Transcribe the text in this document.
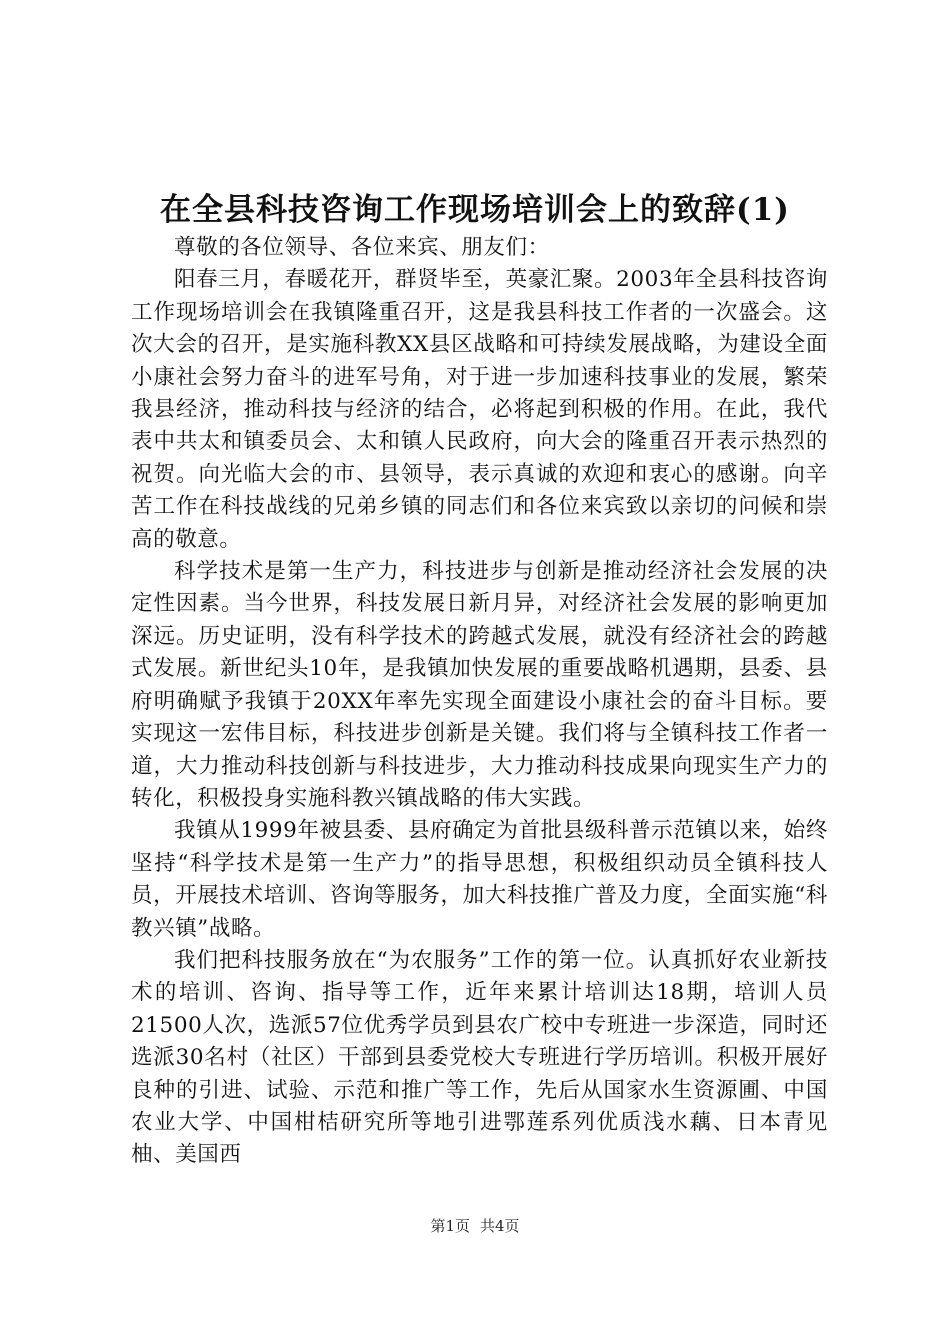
在全县科技咨询工作现场培训会上的致辞(1)

尊敬的各位领导、各位来宾、朋友们：

阳春三月，春暖花开，群贤毕至，英豪汇聚。2003年全县科技咨询工作现场培训会在我镇隆重召开，这是我县科技工作者的一次盛会。这次大会的召开，是实施科教XX县区战略和可持续发展战略，为建设全面小康社会努力奋斗的进军号角，对于进一步加速科技事业的发展，繁荣我县经济，推动科技与经济的结合，必将起到积极的作用。在此，我代表中共太和镇委员会、太和镇人民政府，向大会的隆重召开表示热烈的祝贺。向光临大会的市、县领导，表示真诚的欢迎和衷心的感谢。向辛苦工作在科技战线的兄弟乡镇的同志们和各位来宾致以亲切的问候和崇高的敬意。

科学技术是第一生产力，科技进步与创新是推动经济社会发展的决定性因素。当今世界，科技发展日新月异，对经济社会发展的影响更加深远。历史证明，没有科学技术的跨越式发展，就没有经济社会的跨越式发展。新世纪头10年，是我镇加快发展的重要战略机遇期，县委、县府明确赋予我镇于20XX年率先实现全面建设小康社会的奋斗目标。要实现这一宏伟目标，科技进步创新是关键。我们将与全镇科技工作者一道，大力推动科技创新与科技进步，大力推动科技成果向现实生产力的转化，积极投身实施科教兴镇战略的伟大实践。

我镇从1999年被县委、县府确定为首批县级科普示范镇以来，始终坚持“科学技术是第一生产力”的指导思想，积极组织动员全镇科技人员，开展技术培训、咨询等服务，加大科技推广普及力度，全面实施“科教兴镇”战略。

我们把科技服务放在“为农服务”工作的第一位。认真抓好农业新技术的培训、咨询、指导等工作，近年来累计培训达18期，培训人员21500人次，选派57位优秀学员到县农广校中专班进一步深造，同时还选派30名村（社区）干部到县委党校大专班进行学历培训。积极开展好良种的引进、试验、示范和推广等工作，先后从国家水生资源圃、中国农业大学、中国柑桔研究所等地引进鄂莲系列优质浅水藕、日本青见柚、美国西

第1页 共4页
